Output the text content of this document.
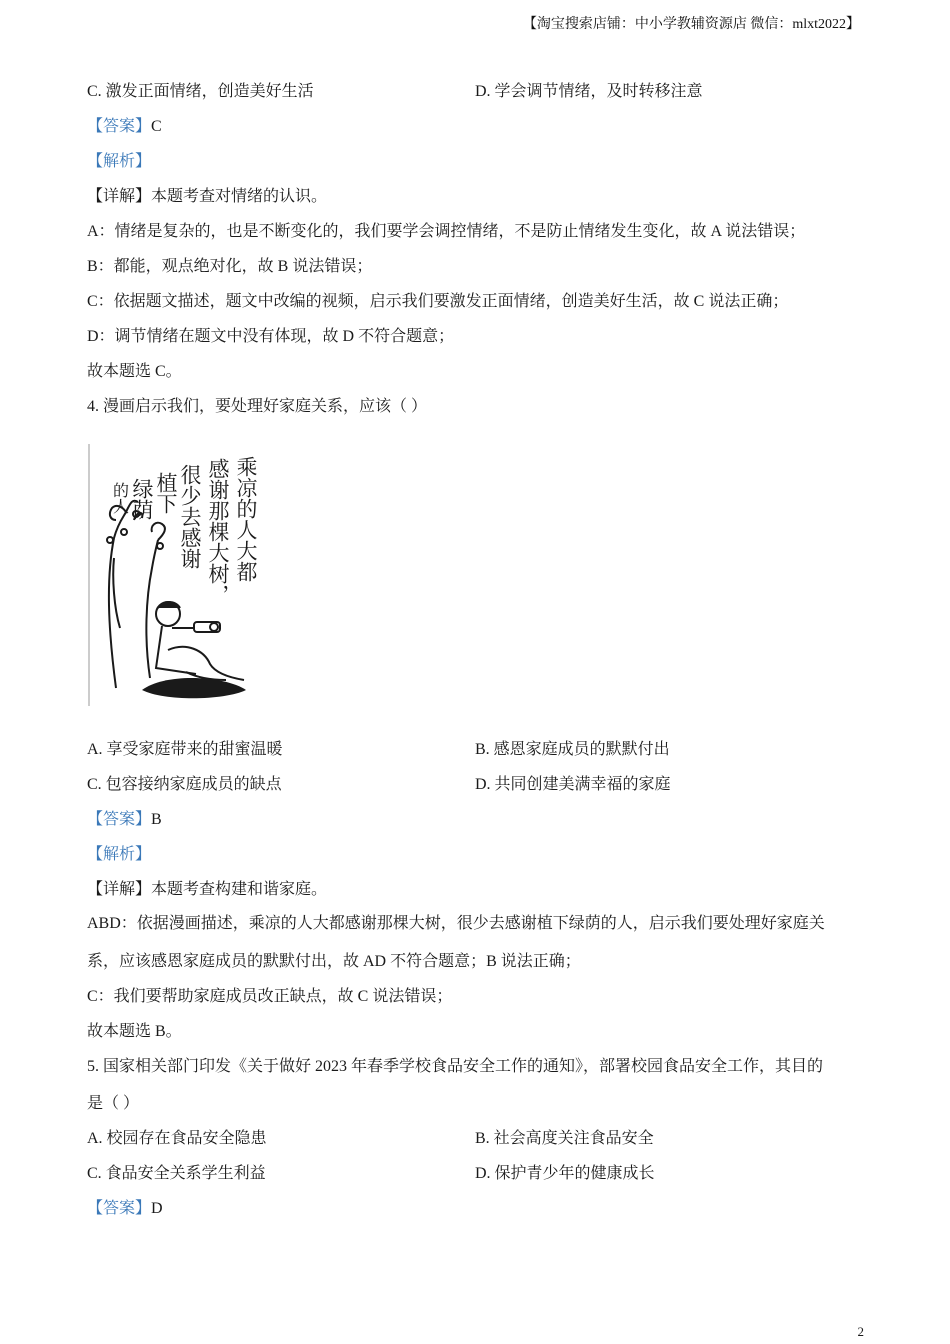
【淘宝搜索店铺：中小学教辅资源店 微信：mlxt2022】
C. 激发正面情绪，创造美好生活	D. 学会调节情绪，及时转移注意
【答案】C
【解析】
【详解】本题考查对情绪的认识。
A：情绪是复杂的，也是不断变化的，我们要学会调控情绪，不是防止情绪发生变化，故 A 说法错误；
B：都能，观点绝对化，故 B 说法错误；
C：依据题文描述，题文中改编的视频，启示我们要激发正面情绪，创造美好生活，故 C 说法正确；
D：调节情绪在题文中没有体现，故 D 不符合题意；
故本题选 C。
4. 漫画启示我们，要处理好家庭关系，应该（ ）
乘凉的人大都
感谢那棵大树，
很少去感谢
植下
绿荫
的人
A. 享受家庭带来的甜蜜温暖	B. 感恩家庭成员的默默付出
C. 包容接纳家庭成员的缺点	D. 共同创建美满幸福的家庭
【答案】B
【解析】
【详解】本题考查构建和谐家庭。
ABD：依据漫画描述，乘凉的人大都感谢那棵大树，很少去感谢植下绿荫的人，启示我们要处理好家庭关
系，应该感恩家庭成员的默默付出，故 AD 不符合题意；B 说法正确；
C：我们要帮助家庭成员改正缺点，故 C 说法错误；
故本题选 B。
5. 国家相关部门印发《关于做好 2023 年春季学校食品安全工作的通知》，部署校园食品安全工作，其目的
是（ ）
A. 校园存在食品安全隐患	B. 社会高度关注食品安全
C. 食品安全关系学生利益	D. 保护青少年的健康成长
【答案】D
2
